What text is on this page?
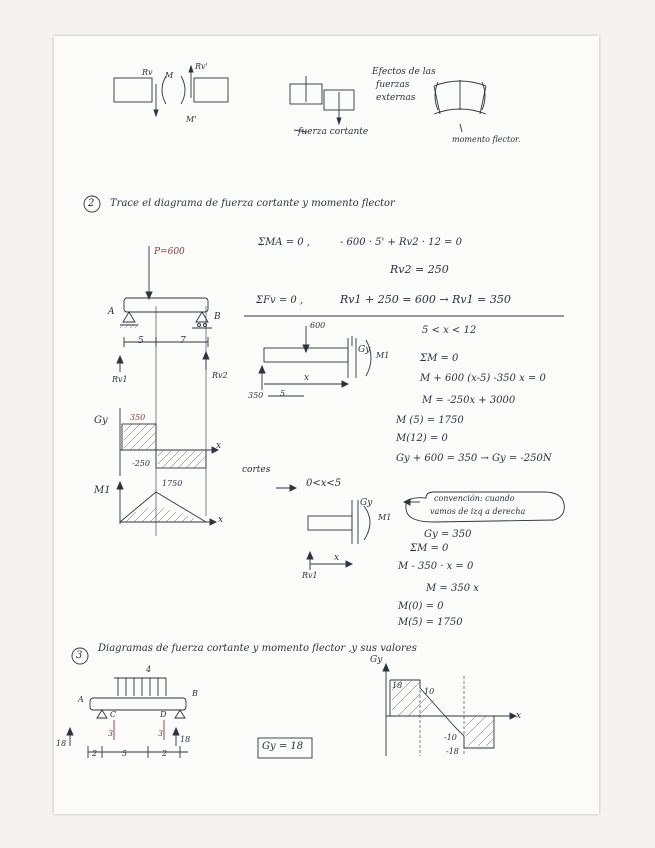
Rv
Rv'
M
M'
fuerza cortante
Efectos de las
fuerzas
externas
momento flector.
2 Trace el diagrama de fuerza cortante y momento flector
P=600
A	B
5	7
Rv1	Rv2
Gy	350
-250
x
M1
1750
x
ΣMA = 0 ,	- 600 · 5' + Rv2 · 12 = 0
Rv2 = 250
ΣFv = 0 ,	Rv1 + 250 = 600 → Rv1 = 350
600
Gy
M1
x
350 5
5 < x < 12
ΣM = 0
M + 600 (x-5) -350 x = 0
M = -250x + 3000
M (5) = 1750
M(12) = 0
Gy + 600 = 350 → Gy = -250N
cortes
0<x<5
Gy
M1
x
Rv1
convención: cuando
vamos de izq a derecha
Gy = 350
ΣM = 0
M - 350 · x = 0
M = 350 x
M(0) = 0
M(5) = 1750
3
Diagramas de fuerza cortante y momento flector ,y sus valores
4
A
B
C	D
3	3
18	18
2	5	2
Gy = 18
Gy
18
10
-10
-18
x
